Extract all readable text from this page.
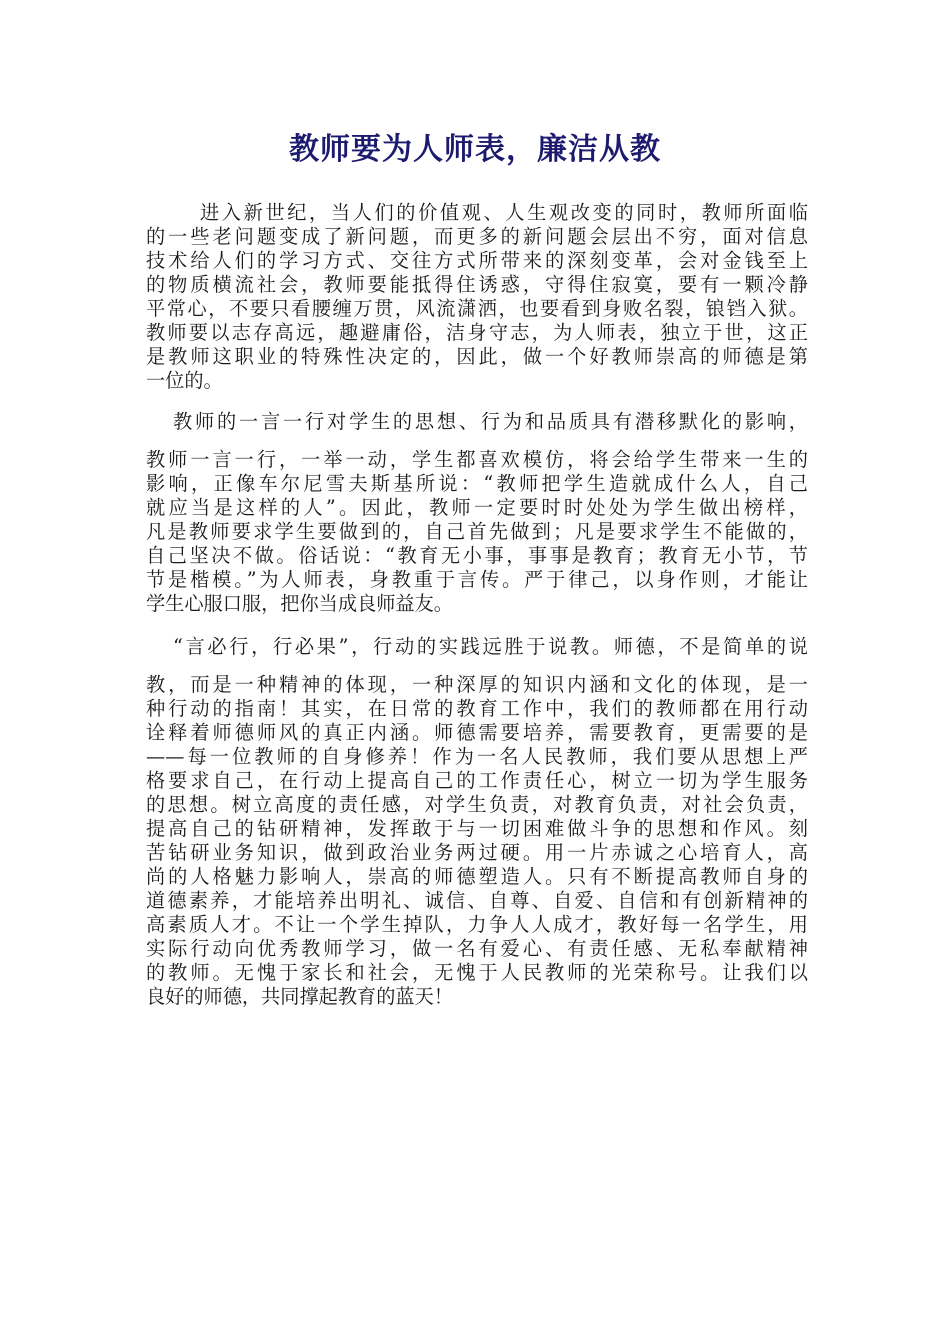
教师要为人师表，廉洁从教
进入新世纪，当人们的价值观、人生观改变的同时，教师所面临
的一些老问题变成了新问题，而更多的新问题会层出不穷，面对信息
技术给人们的学习方式、交往方式所带来的深刻变革，会对金钱至上
的物质横流社会，教师要能抵得住诱惑，守得住寂寞，要有一颗冷静
平常心，不要只看腰缠万贯，风流潇洒，也要看到身败名裂，锒铛入狱。
教师要以志存高远，趣避庸俗，洁身守志，为人师表，独立于世，这正
是教师这职业的特殊性决定的，因此，做一个好教师崇高的师德是第
一位的。
教师的一言一行对学生的思想、行为和品质具有潜移默化的影响，
教师一言一行，一举一动，学生都喜欢模仿，将会给学生带来一生的
影响，正像车尔尼雪夫斯基所说：“教师把学生造就成什么人，自己
就应当是这样的人”。因此，教师一定要时时处处为学生做出榜样，
凡是教师要求学生要做到的，自己首先做到；凡是要求学生不能做的，
自己坚决不做。俗话说：“教育无小事，事事是教育；教育无小节，节
节是楷模。”为人师表，身教重于言传。严于律己，以身作则，才能让
学生心服口服，把你当成良师益友。
“言必行，行必果”，行动的实践远胜于说教。师德，不是简单的说
教，而是一种精神的体现，一种深厚的知识内涵和文化的体现，是一
种行动的指南！其实，在日常的教育工作中，我们的教师都在用行动
诠释着师德师风的真正内涵。师德需要培养，需要教育，更需要的是
——每一位教师的自身修养！作为一名人民教师，我们要从思想上严
格要求自己，在行动上提高自己的工作责任心，树立一切为学生服务
的思想。树立高度的责任感，对学生负责，对教育负责，对社会负责，
提高自己的钻研精神，发挥敢于与一切困难做斗争的思想和作风。刻
苦钻研业务知识，做到政治业务两过硬。用一片赤诚之心培育人，高
尚的人格魅力影响人，崇高的师德塑造人。只有不断提高教师自身的
道德素养，才能培养出明礼、诚信、自尊、自爱、自信和有创新精神的
高素质人才。不让一个学生掉队，力争人人成才，教好每一名学生，用
实际行动向优秀教师学习，做一名有爱心、有责任感、无私奉献精神
的教师。无愧于家长和社会，无愧于人民教师的光荣称号。让我们以
良好的师德，共同撑起教育的蓝天！
